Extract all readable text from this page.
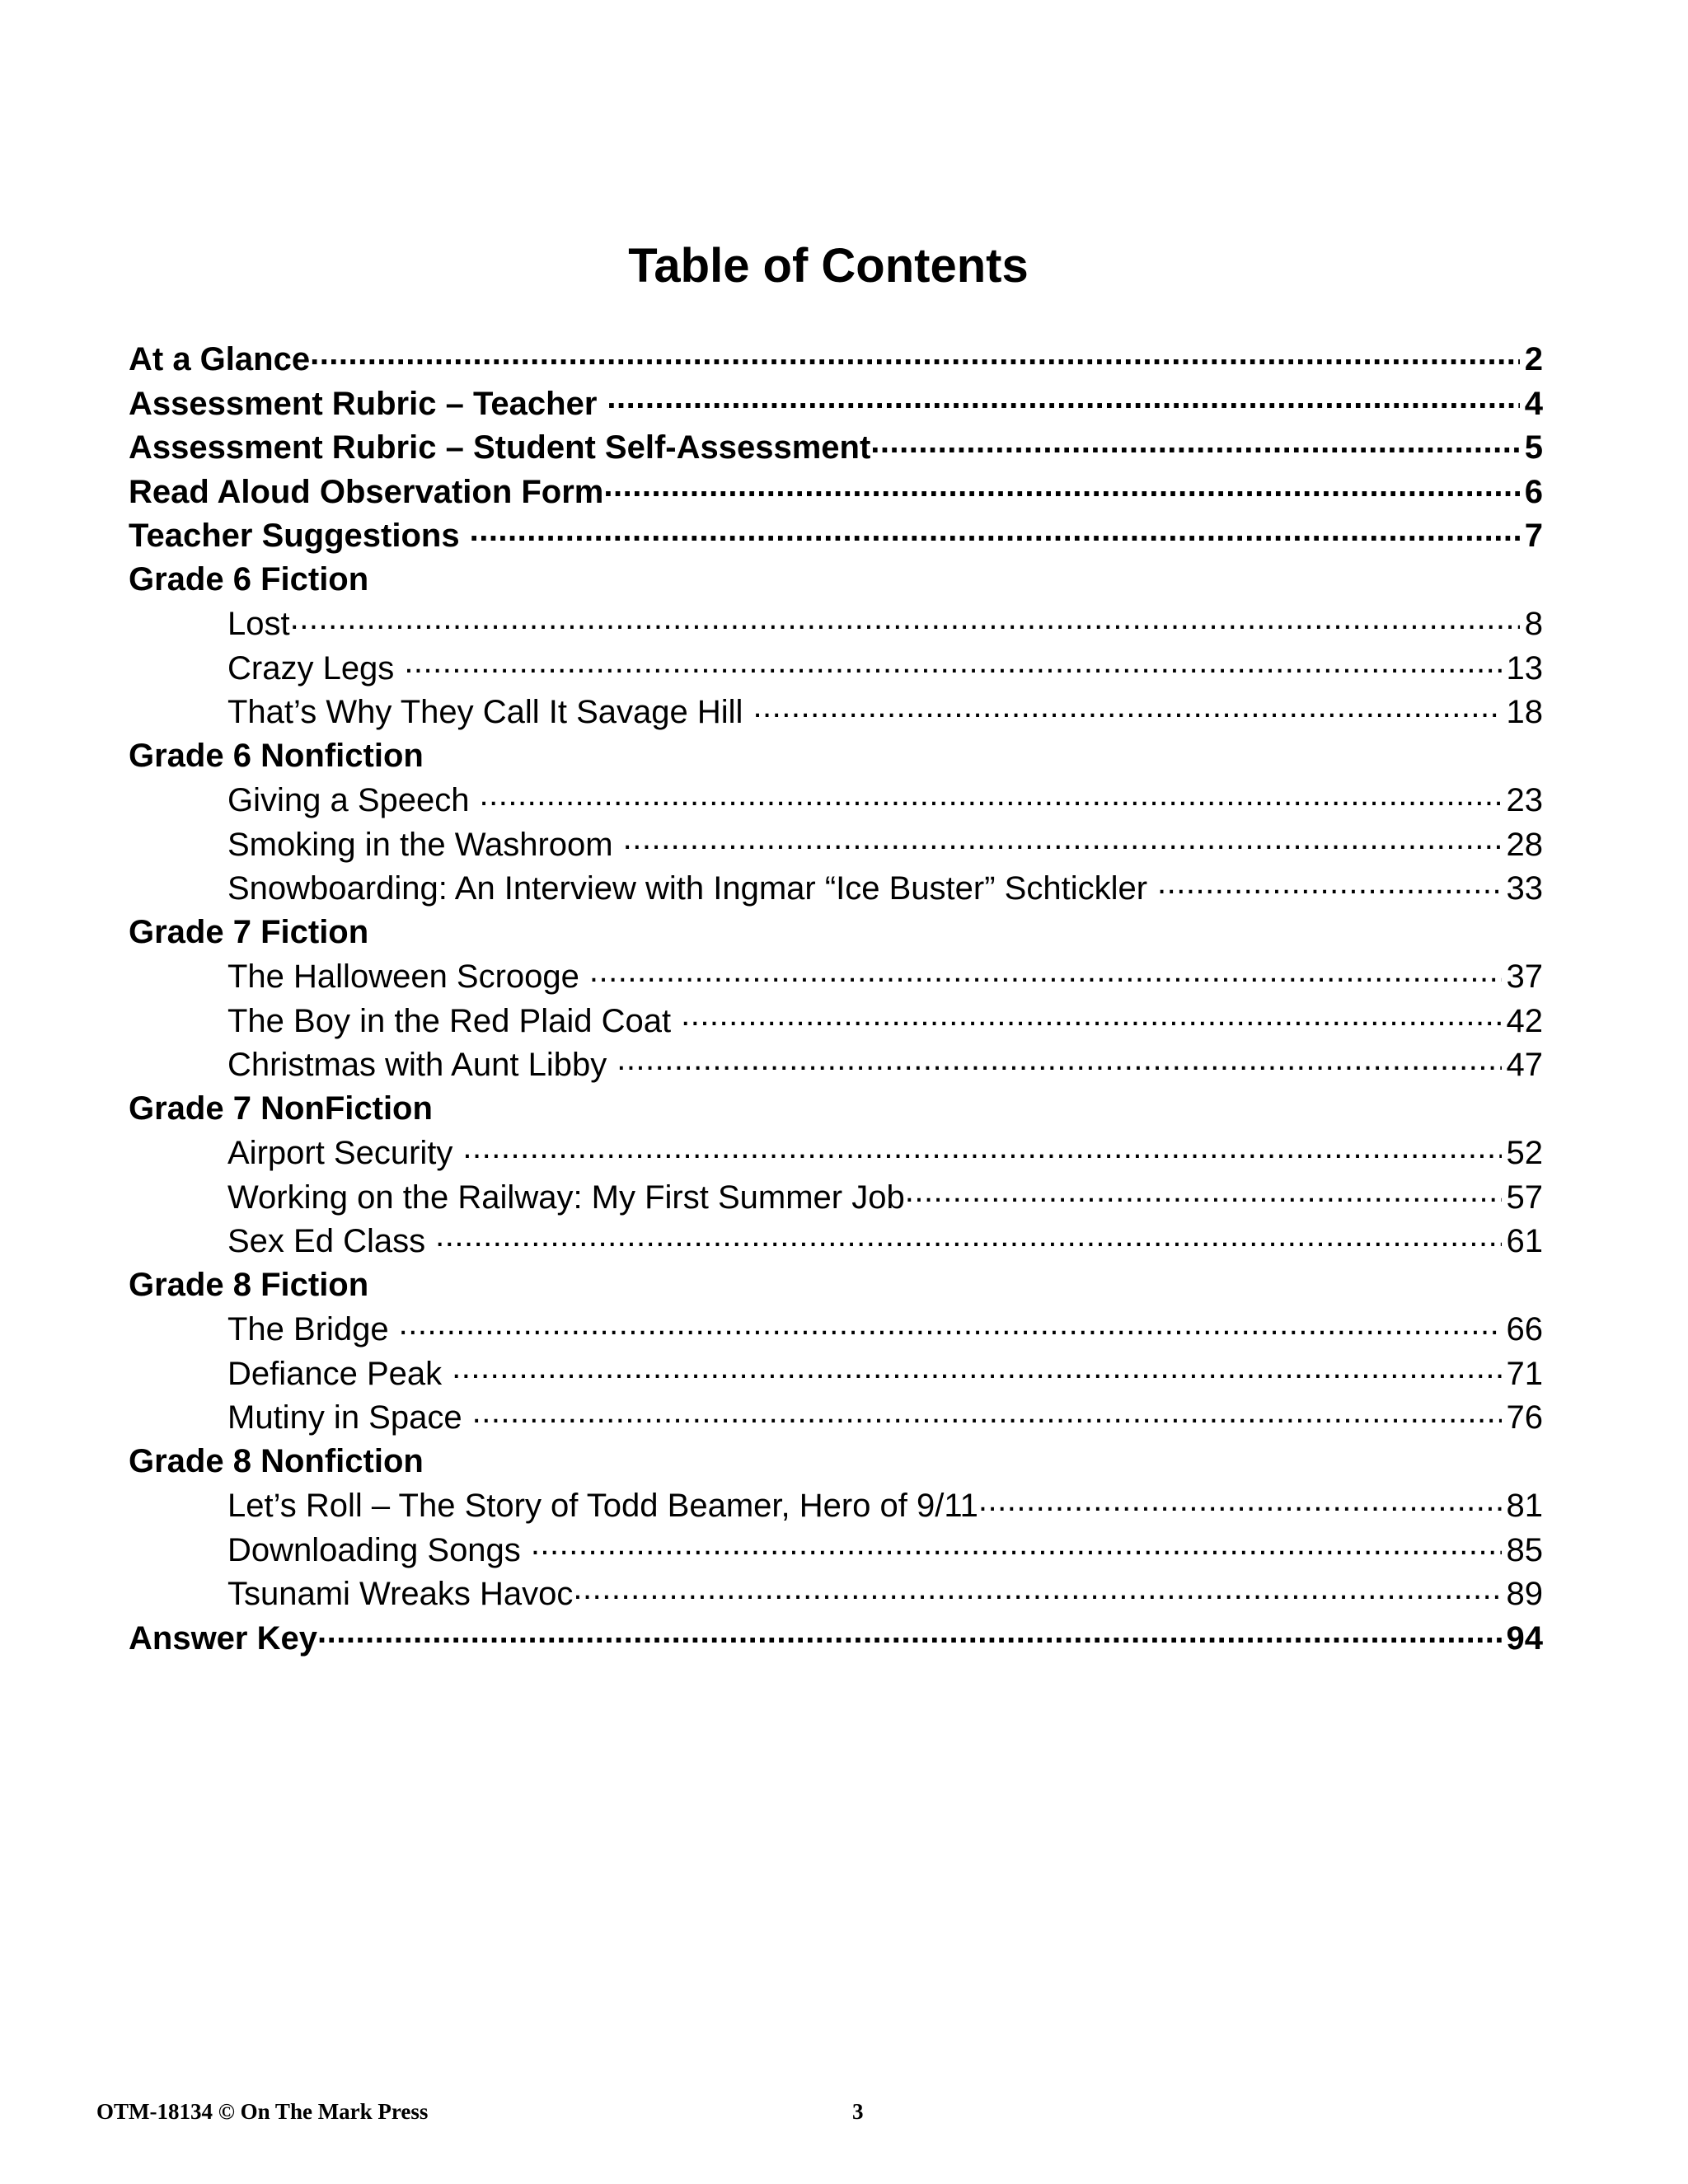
Table of Contents
At a Glance .....	2
Assessment Rubric – Teacher .....	4
Assessment Rubric – Student Self-Assessment .....	5
Read Aloud Observation Form .....	6
Teacher Suggestions .....	7
Grade 6 Fiction
Lost .....	8
Crazy Legs .....	13
That’s Why They Call It Savage Hill .....	18
Grade 6 Nonfiction
Giving a Speech .....	23
Smoking in the Washroom .....	28
Snowboarding: An Interview with Ingmar “Ice Buster” Schtickler .....	33
Grade 7 Fiction
The Halloween Scrooge .....	37
The Boy in the Red Plaid Coat .....	42
Christmas with Aunt Libby .....	47
Grade 7 NonFiction
Airport Security .....	52
Working on the Railway: My First Summer Job .....	57
Sex Ed Class .....	61
Grade 8 Fiction
The Bridge .....	66
Defiance Peak .....	71
Mutiny in Space .....	76
Grade 8 Nonfiction
Let’s Roll – The Story of Todd Beamer, Hero of 9/11 .....	81
Downloading Songs .....	85
Tsunami Wreaks Havoc .....	89
Answer Key .....	94
OTM-18134 © On The Mark Press	3
